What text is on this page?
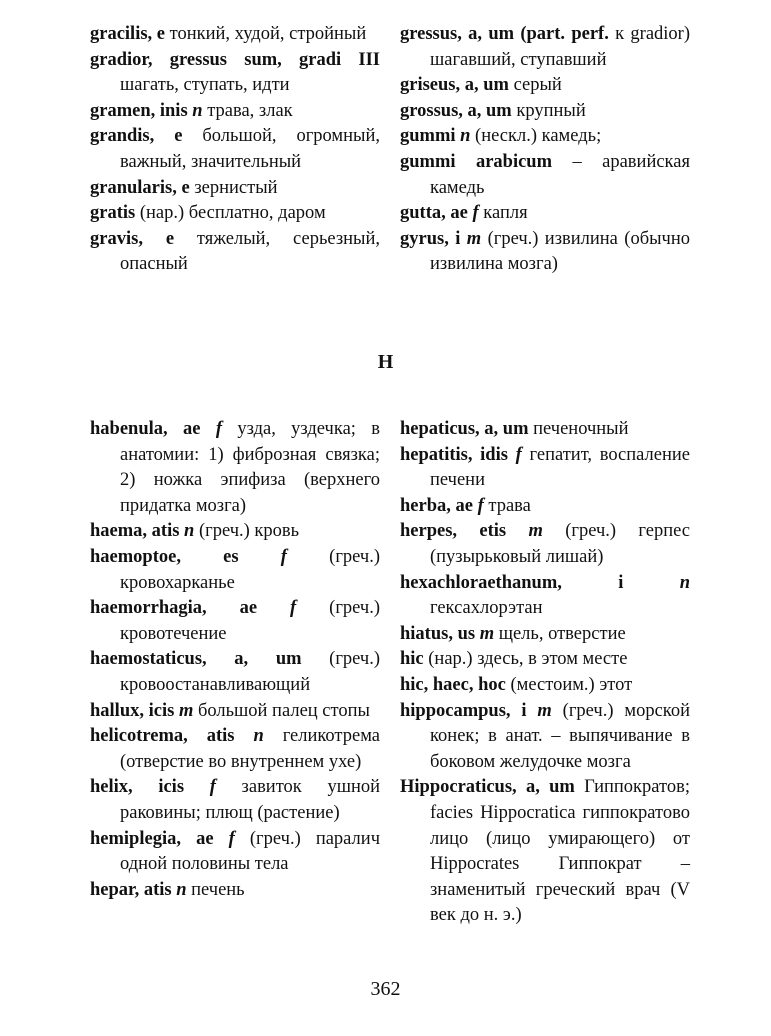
gracilis, e тонкий, худой, стройный

gradior, gressus sum, gradi III шагать, ступать, идти

gramen, inis n трава, злак

grandis, e большой, огромный, важный, значительный

granularis, e зернистый

gratis (нар.) бесплатно, даром

gravis, e тяжелый, серьезный, опасный

gressus, a, um (part. perf. к gradior) шагавший, ступавший

griseus, a, um серый

grossus, a, um крупный

gummi n (нескл.) камедь;

gummi arabicum – аравийская камедь

gutta, ae f капля

gyrus, i m (греч.) извилина (обычно извилина мозга)

H

habenula, ae f узда, уздечка; в анатомии: 1) фиброзная связка; 2) ножка эпифиза (верхнего придатка мозга)

haema, atis n (греч.) кровь

haemoptoe, es f (греч.) кровохарканье

haemorrhagia, ae f (греч.) кровотечение

haemostaticus, a, um (греч.) кровоостанавливающий

hallux, icis m большой палец стопы

helicotrema, atis n геликотрема (отверстие во внутреннем ухе)

helix, icis f завиток ушной раковины; плющ (растение)

hemiplegia, ae f (греч.) паралич одной половины тела

hepar, atis n печень

hepaticus, a, um печеночный

hepatitis, idis f гепатит, воспаление печени

herba, ae f трава

herpes, etis m (греч.) герпес (пузырьковый лишай)

hexachloraethanum, i	n гексахлорэтан

hiatus, us m щель, отверстие

hic (нар.) здесь, в этом месте

hic, haec, hoc (местоим.) этот

hippocampus, i m (греч.) морской конек; в анат. – выпячивание в боковом желудочке мозга

Hippocraticus, a, um Гиппократов; facies Hippocratica гиппократово лицо (лицо умирающего) от Hippocrates Гиппократ – знаменитый греческий врач (V век до н. э.)

362
